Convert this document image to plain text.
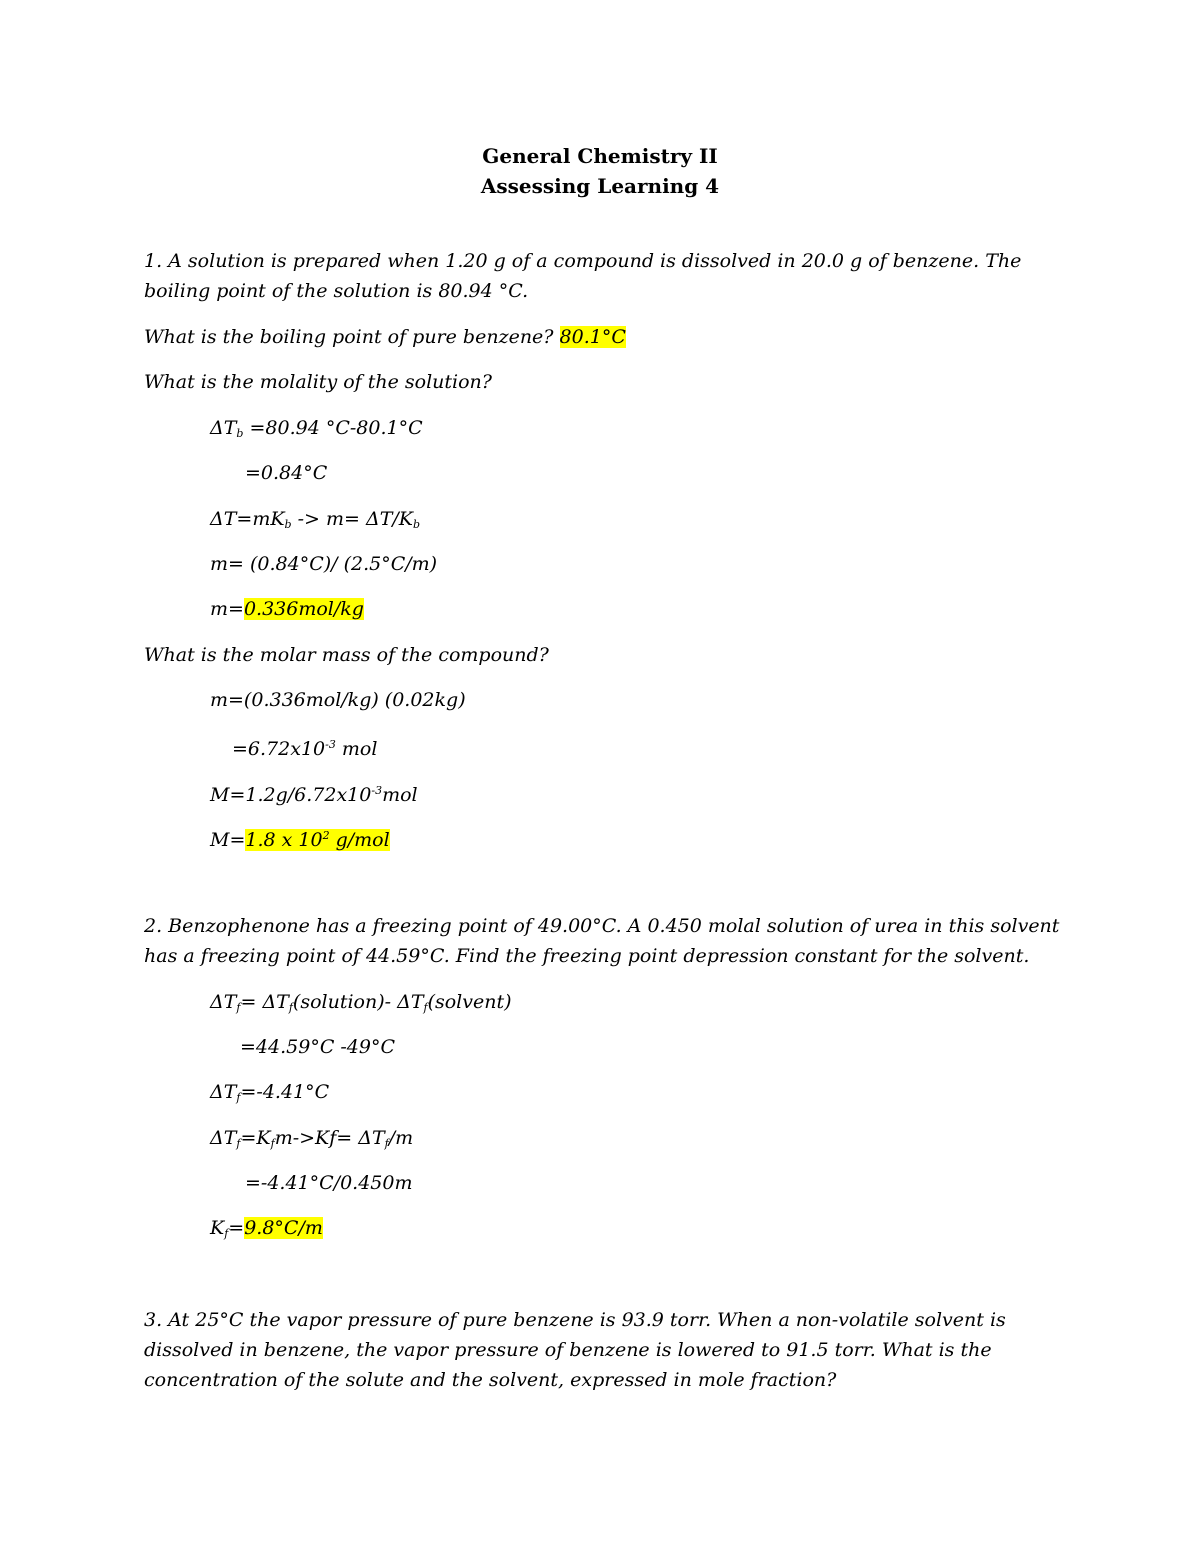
General Chemistry II
Assessing Learning 4
1. A solution is prepared when 1.20 g of a compound is dissolved in 20.0 g of benzene. The
boiling point of the solution is 80.94 °C.
What is the boiling point of pure benzene? 80.1°C
What is the molality of the solution?
$\Delta T_b =80.94$ °C-80.1°C
=0.84°C
$\Delta T=mK_b -> m= \Delta T/K_b$
m= (0.84°C)/ (2.5°C/m)
m=0.336mol/kg
What is the molar mass of the compound?
m=(0.336mol/kg) (0.02kg)
$=6.72x10^{-3}$ mol
$M=1.2g/6.72x10^{-3}mol$
M=1.8 x $10^2$ g/mol
2. Benzophenone has a freezing point of 49.00°C. A 0.450 molal solution of urea in this solvent
has a freezing point of 44.59°C. Find the freezing point depression constant for the solvent.
$\Delta T_f=$ $\Delta T_f(solution)-$ $\Delta T_f(solvent)$
=44.59°C -49°C
$\Delta T_f=-4.41^\circ C$
$\Delta T_f=K_fm->Kf= \Delta T_f/m$
=-4.41°C/0.450m
$K_f=9.8^\circ C/m$
3. At 25°C the vapor pressure of pure benzene is 93.9 torr. When a non-volatile solvent is
dissolved in benzene, the vapor pressure of benzene is lowered to 91.5 torr. What is the
concentration of the solute and the solvent, expressed in mole fraction?
